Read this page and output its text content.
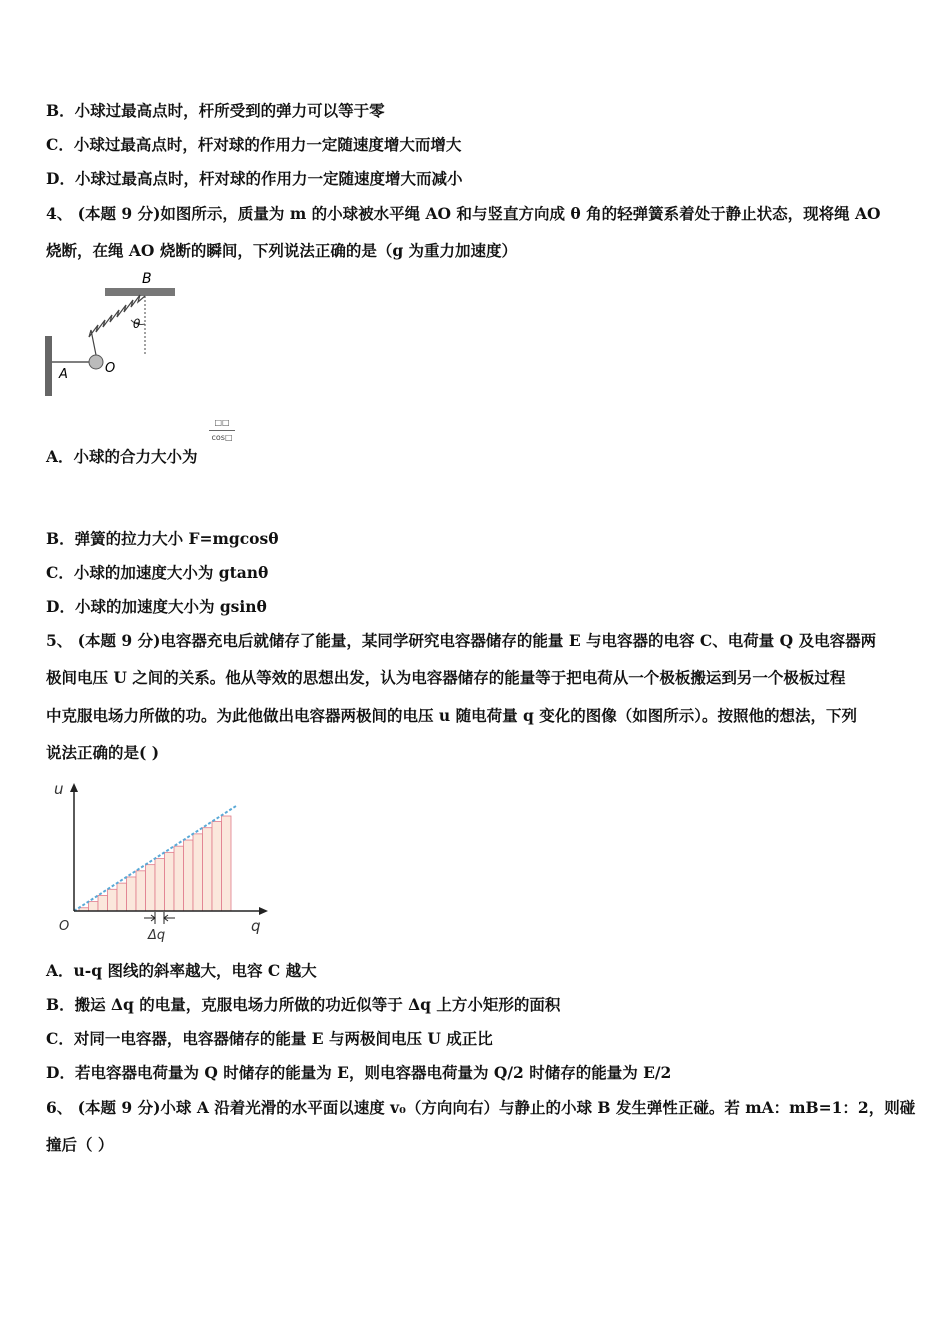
B．小球过最高点时，杆所受到的弹力可以等于零
C．小球过最高点时，杆对球的作用力一定随速度增大而增大
D．小球过最高点时，杆对球的作用力一定随速度增大而减小
4、 (本题 9 分)如图所示，质量为 m 的小球被水平绳 AO 和与竖直方向成 θ 角的轻弹簧系着处于静止状态，现将绳 AO
烧断，在绳 AO 烧断的瞬间，下列说法正确的是（g 为重力加速度）
B
θ
A	O
A．小球的合力大小为
□□
cos□
B．弹簧的拉力大小 F=mgcosθ
C．小球的加速度大小为 gtanθ
D．小球的加速度大小为 gsinθ
5、 (本题 9 分)电容器充电后就储存了能量，某同学研究电容器储存的能量 E 与电容器的电容 C、电荷量 Q 及电容器两
极间电压 U 之间的关系。他从等效的思想出发，认为电容器储存的能量等于把电荷从一个极板搬运到另一个极板过程
中克服电场力所做的功。为此他做出电容器两极间的电压 u 随电荷量 q 变化的图像（如图所示）。按照他的想法，下列
说法正确的是( )
u
q
O
Δq
A．u-q 图线的斜率越大，电容 C 越大
B．搬运 Δq 的电量，克服电场力所做的功近似等于 Δq 上方小矩形的面积
C．对同一电容器，电容器储存的能量 E 与两极间电压 U 成正比
D．若电容器电荷量为 Q 时储存的能量为 E，则电容器电荷量为 Q/2 时储存的能量为 E/2
6、 (本题 9 分)小球 A 沿着光滑的水平面以速度 v₀（方向向右）与静止的小球 B 发生弹性正碰。若 mA：mB=1：2，则碰
撞后（ ）
